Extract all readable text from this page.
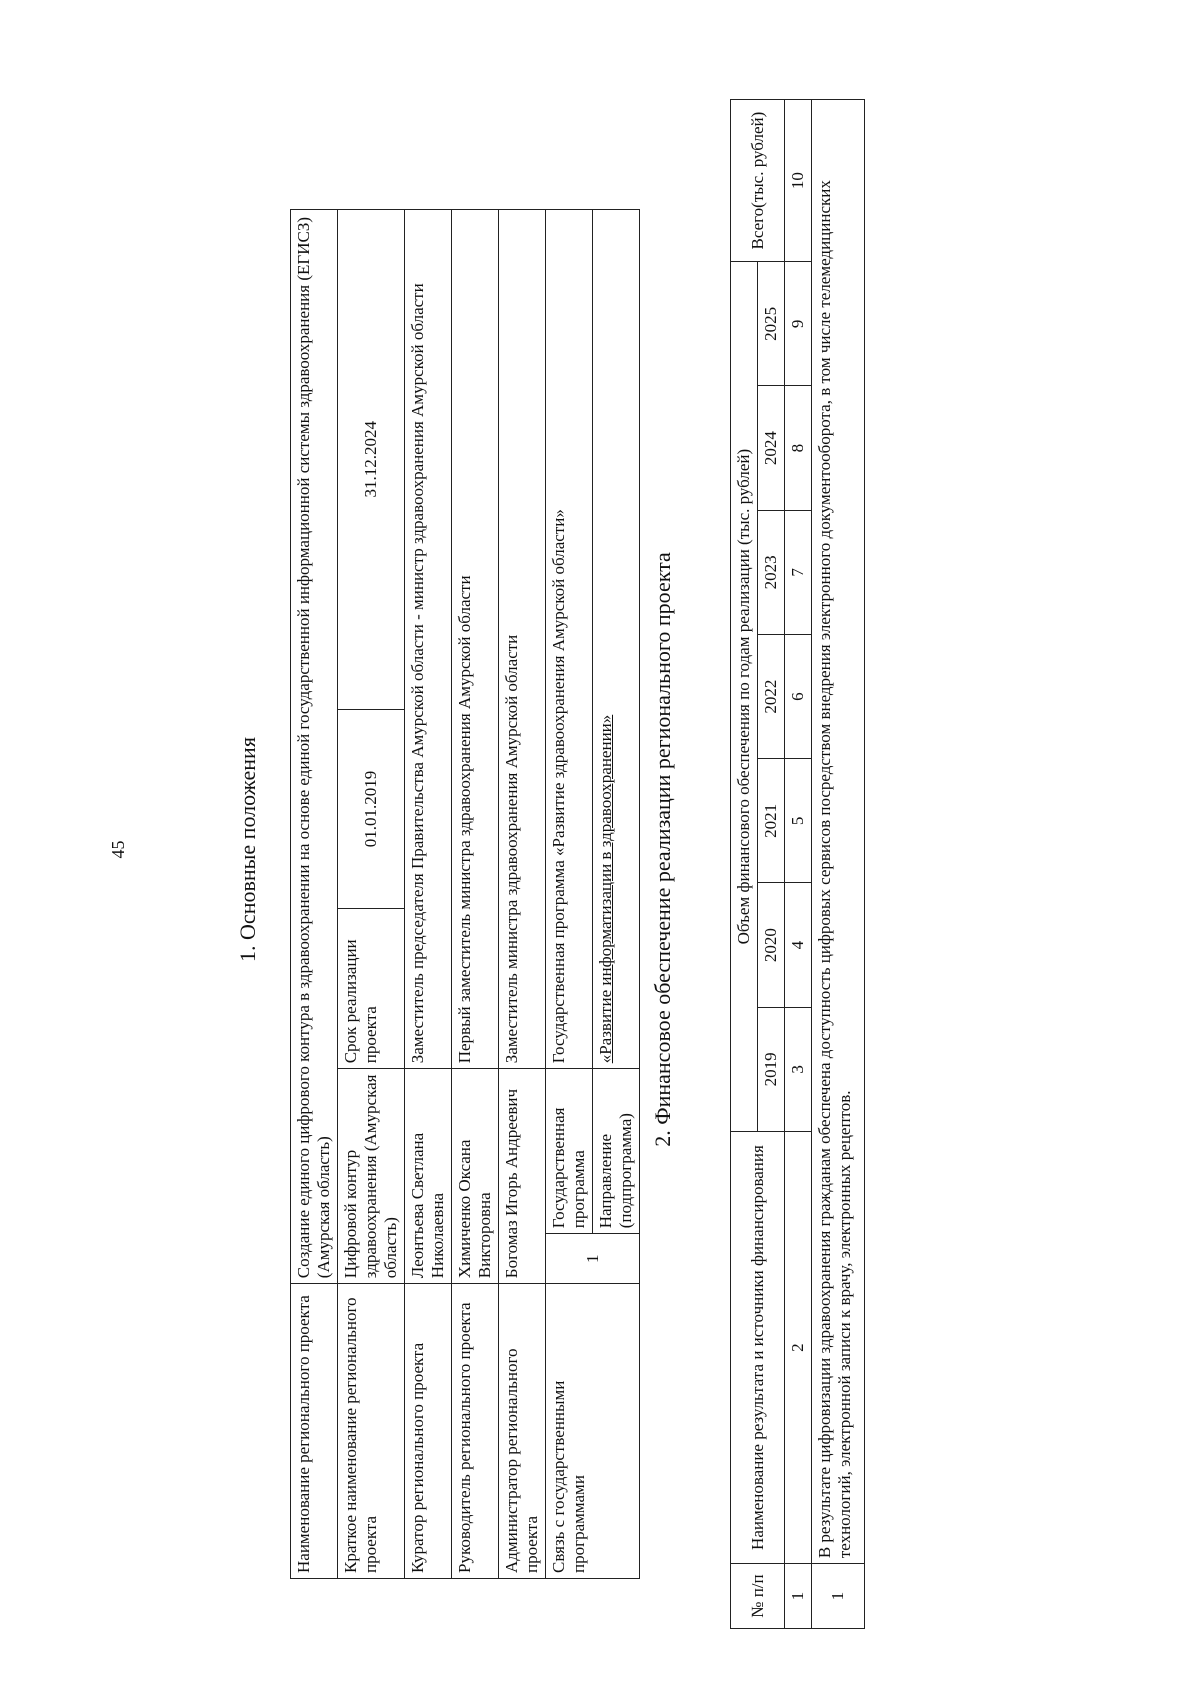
45	1. Основные положения
Наименование регионального проекта	Создание единого цифрового контура в здравоохранении на основе единой государственной информационной системы здравоохранения (ЕГИСЗ) (Амурская область)				
Краткое наименование регионального проекта	Цифровой контур здравоохранения (Амурская область)		Срок реализации проекта	01.01.2019	31.12.2024
Куратор регионального проекта	Леонтьева Светлана Николаевна		Заместитель председателя Правительства Амурской области - министр здравоохранения Амурской области		
Руководитель регионального проекта	Химиченко Оксана Викторовна		Первый заместитель министра здравоохранения Амурской области		
Администратор регионального проекта	Богомаз Игорь Андреевич		Заместитель министра здравоохранения Амурской области		
Связь с государственными программами	1	Государственная программа	Государственная программа «Развитие здравоохранения Амурской области»		
		Направление (подпрограмма)	«Развитие информатизации в здравоохранении»		2. Финансовое обеспечение реализации регионального проекта
№ п/п	Наименование результата и источники финансирования	Объем финансового обеспечения по годам реализации (тыс. рублей)							Всего(тыс. рублей)
		2019	2020	2021	2022	2023	2024	2025	
1	2	3	4	5	6	7	8	9	10
1	В результате цифровизации здравоохранения гражданам обеспечена доступность цифровых сервисов посредством внедрения электронного документооборота, в том числе телемедицинских технологий, электронной записи к врачу, электронных рецептов.								
